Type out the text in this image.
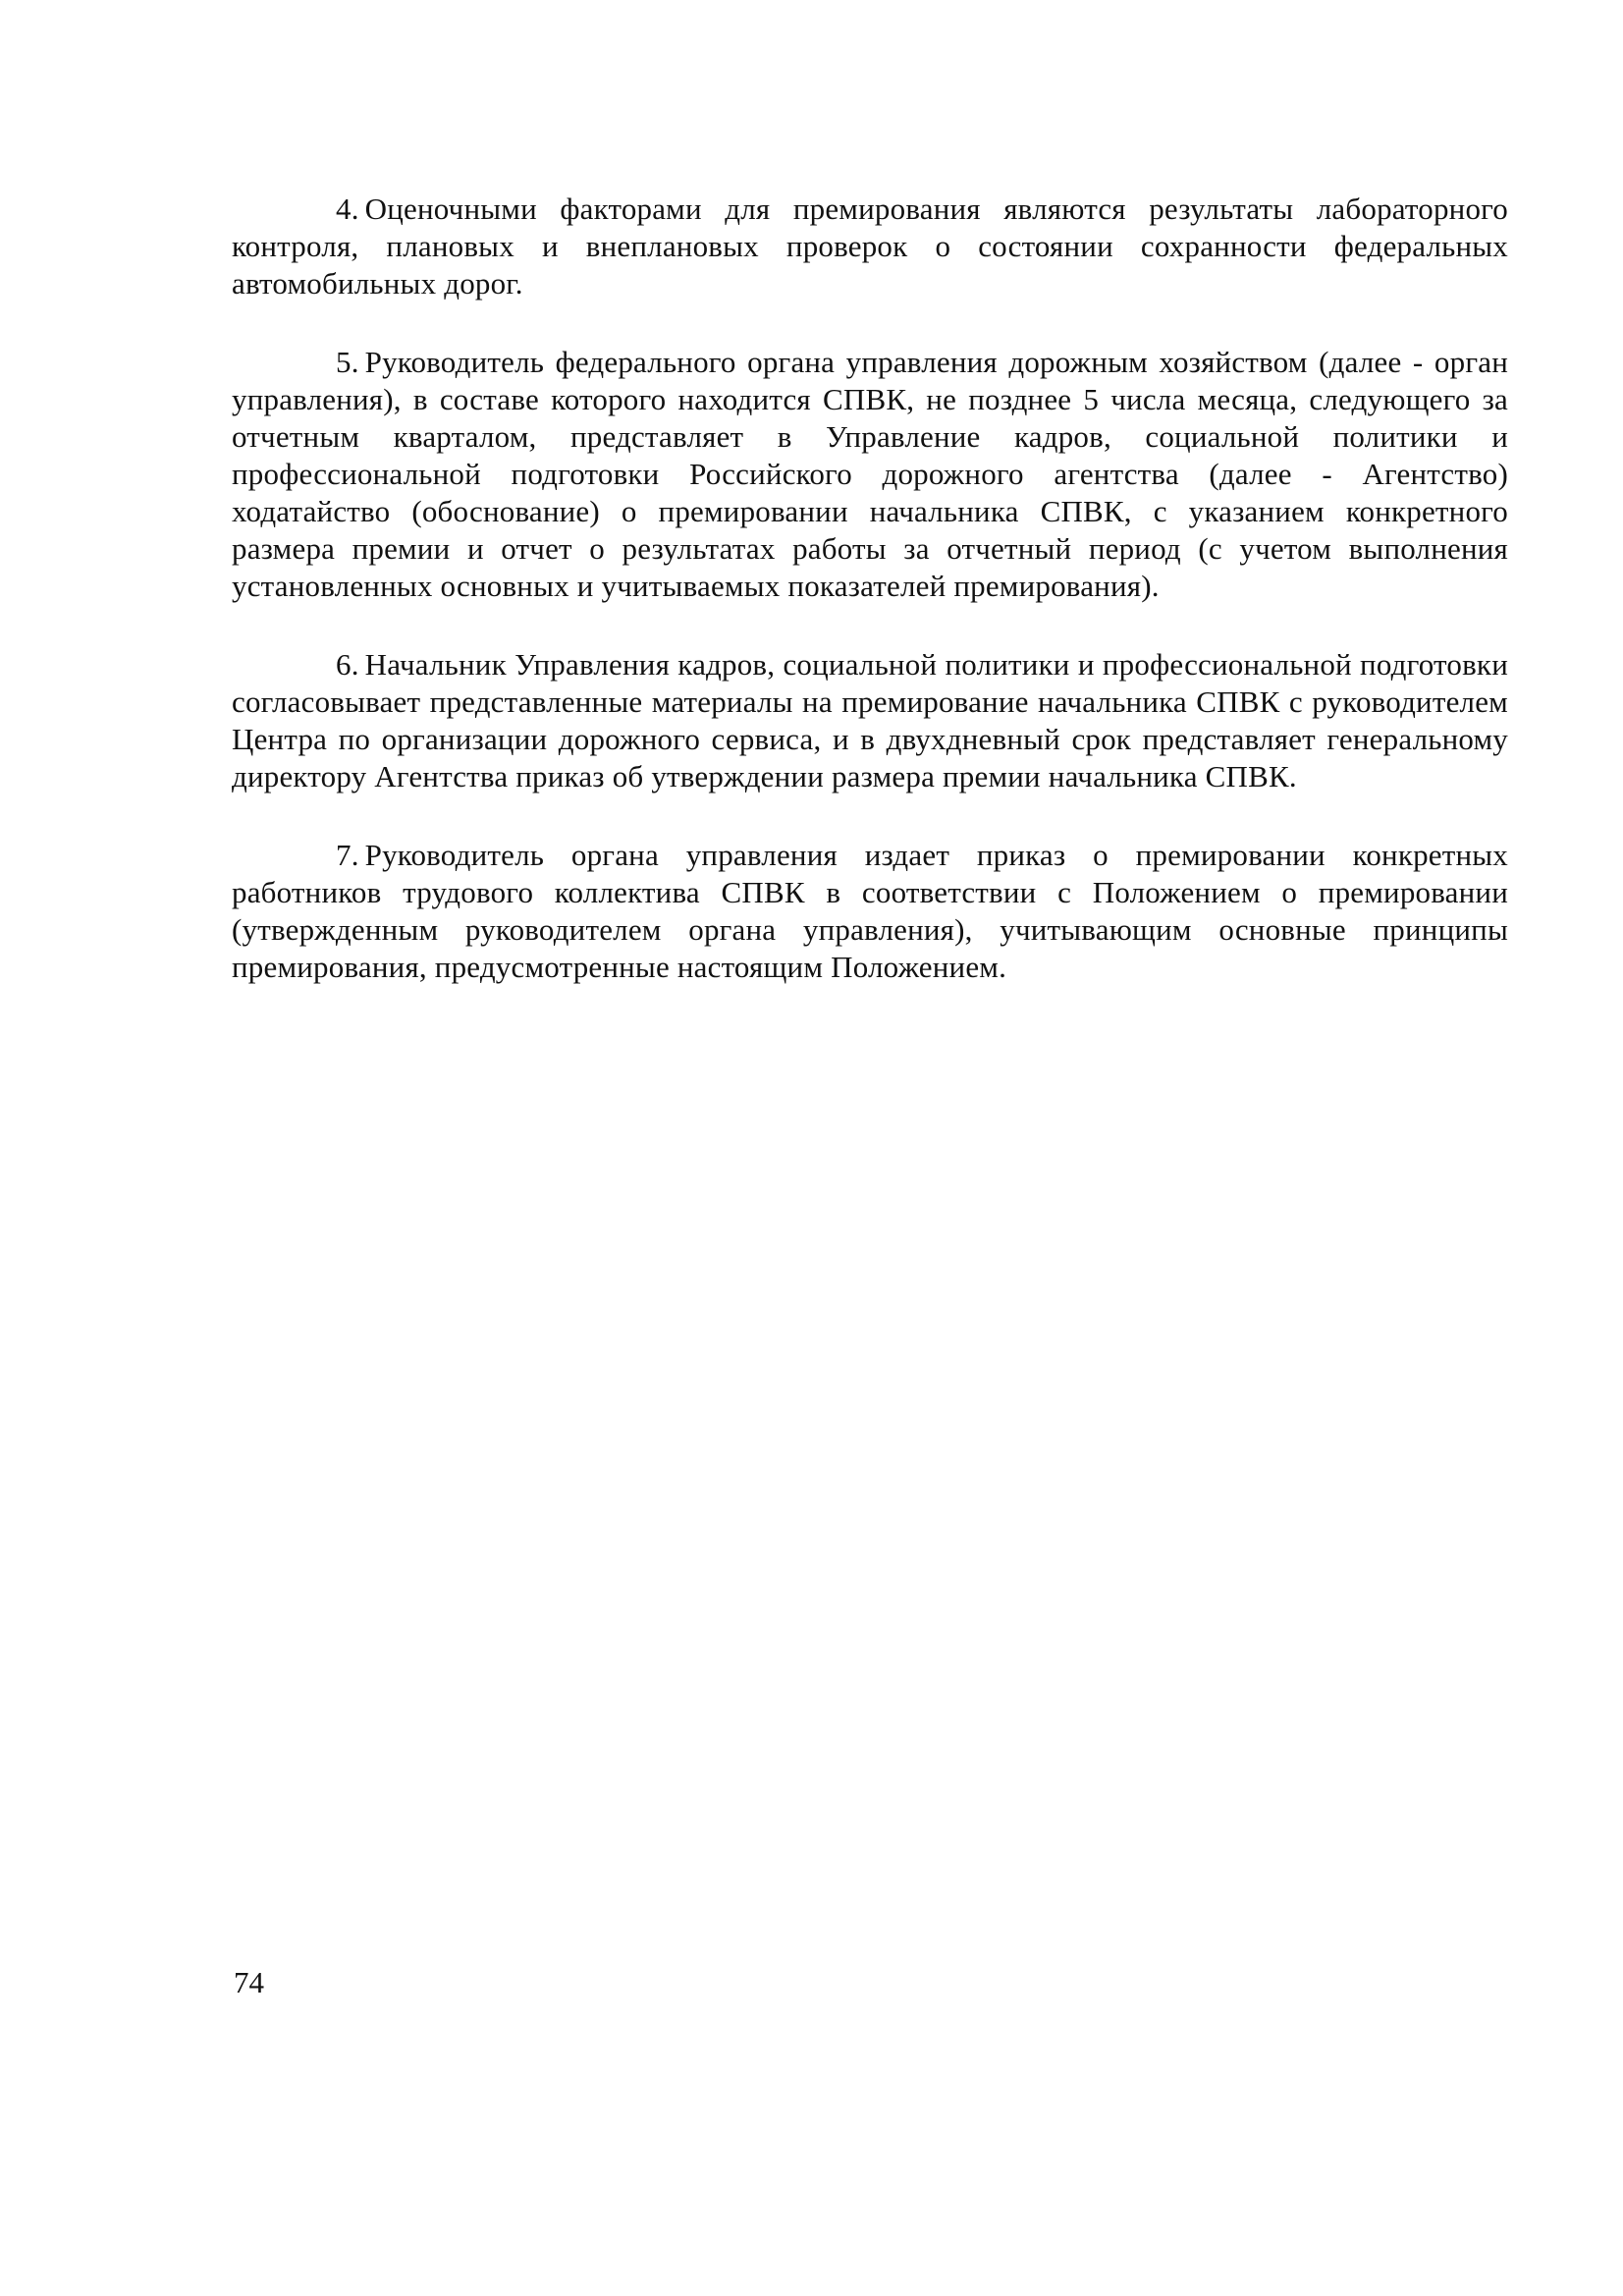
4. Оценочными факторами для премирования являются результаты лабораторного контроля, плановых и внеплановых проверок о состоянии сохранности федеральных автомобильных дорог.

5. Руководитель федерального органа управления дорожным хозяйством (далее - орган управления), в составе которого находится СПВК, не позднее 5 числа месяца, следующего за отчетным кварталом, представляет в Управление кадров, социальной политики и профессиональной подготовки Российского дорожного агентства (далее - Агентство) ходатайство (обоснование) о премировании начальника СПВК, с указанием конкретного размера премии и отчет о результатах работы за отчетный период (с учетом выполнения установленных основных и учитываемых показателей премирования).

6. Начальник Управления кадров, социальной политики и профессиональной подготовки согласовывает представленные материалы на премирование начальника СПВК с руководителем Центра по организации дорожного сервиса, и в двухдневный срок представляет генеральному директору Агентства приказ об утверждении размера премии начальника СПВК.

7. Руководитель органа управления издает приказ о премировании конкретных работников трудового коллектива СПВК в соответствии с Положением о премировании (утвержденным руководителем органа управления), учитывающим основные принципы премирования, предусмотренные настоящим Положением.

74
